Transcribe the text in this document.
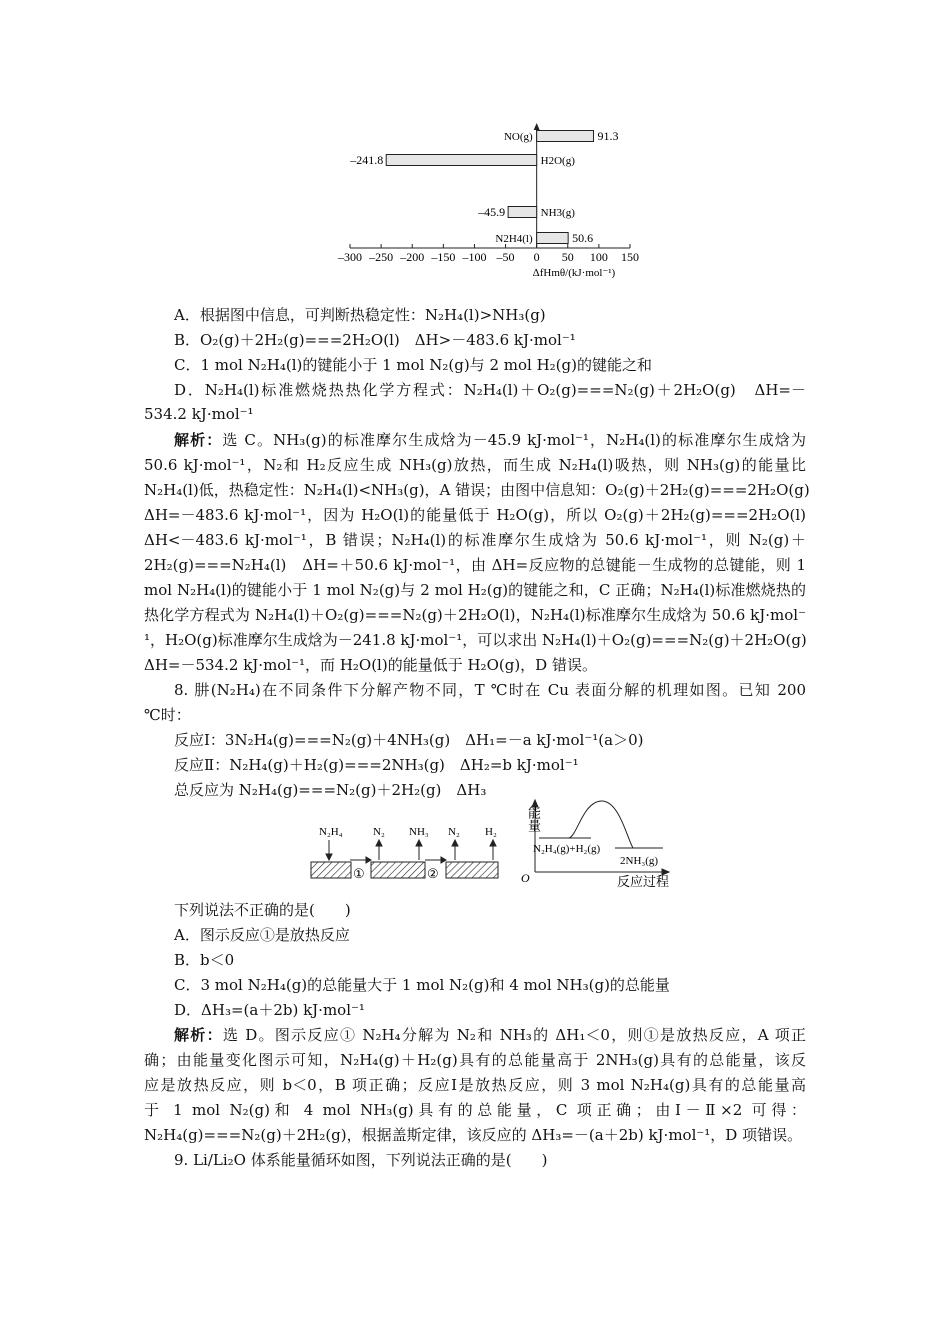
–300 –250 –200 –150 –100 –50 0 50 100 150
ΔfHmθ/(kJ·mol⁻¹)
NO(g)	91.3
H2O(g)
–241.8
NH3(g)
–45.9
N2H4(l)	50.6
A．根据图中信息，可判断热稳定性：N₂H₄(l)>NH₃(g)
B．O₂(g)＋2H₂(g)===2H₂O(l)　ΔH>－483.6 kJ·mol⁻¹
C．1 mol N₂H₄(l)的键能小于 1 mol N₂(g)与 2 mol H₂(g)的键能之和
D．N₂H₄(l)标准燃烧热热化学方程式：N₂H₄(l)＋O₂(g)===N₂(g)＋2H₂O(g)　ΔH=－
534.2 kJ·mol⁻¹
解析：选 C。NH₃(g)的标准摩尔生成焓为－45.9 kJ·mol⁻¹，N₂H₄(l)的标准摩尔生成焓为
50.6 kJ·mol⁻¹，N₂和 H₂反应生成 NH₃(g)放热，而生成 N₂H₄(l)吸热，则 NH₃(g)的能量比
N₂H₄(l)低，热稳定性：N₂H₄(l)<NH₃(g)，A 错误；由图中信息知：O₂(g)＋2H₂(g)===2H₂O(g)
ΔH=－483.6 kJ·mol⁻¹，因为 H₂O(l)的能量低于 H₂O(g)，所以 O₂(g)＋2H₂(g)===2H₂O(l)
ΔH<－483.6 kJ·mol⁻¹，B 错误；N₂H₄(l)的标准摩尔生成焓为 50.6 kJ·mol⁻¹，则 N₂(g)＋
2H₂(g)===N₂H₄(l)　ΔH=＋50.6 kJ·mol⁻¹，由 ΔH=反应物的总键能－生成物的总键能，则 1
mol N₂H₄(l)的键能小于 1 mol N₂(g)与 2 mol H₂(g)的键能之和，C 正确；N₂H₄(l)标准燃烧热的
热化学方程式为 N₂H₄(l)＋O₂(g)===N₂(g)＋2H₂O(l)，N₂H₄(l)标准摩尔生成焓为 50.6 kJ·mol⁻
¹，H₂O(g)标准摩尔生成焓为－241.8 kJ·mol⁻¹，可以求出 N₂H₄(l)＋O₂(g)===N₂(g)＋2H₂O(g)
ΔH=－534.2 kJ·mol⁻¹，而 H₂O(l)的能量低于 H₂O(g)，D 错误。
8. 肼(N₂H₄)在不同条件下分解产物不同，T ℃时在 Cu 表面分解的机理如图。已知 200
℃时：
反应Ⅰ：3N₂H₄(g)===N₂(g)＋4NH₃(g)　ΔH₁=－a kJ·mol⁻¹(a＞0)
反应Ⅱ：N₂H₄(g)＋H₂(g)===2NH₃(g)　ΔH₂=b kJ·mol⁻¹
总反应为 N₂H₄(g)===N₂(g)＋2H₂(g)　ΔH₃
N₂H₄	N₂ NH₃ N₂ H₂
①	②
能量
O	反应过程
N₂H₄(g)+H₂(g)
2NH₃(g)
下列说法不正确的是(　　)
A．图示反应①是放热反应
B．b＜0
C．3 mol N₂H₄(g)的总能量大于 1 mol N₂(g)和 4 mol NH₃(g)的总能量
D．ΔH₃=(a＋2b) kJ·mol⁻¹
解析：选 D。图示反应① N₂H₄分解为 N₂和 NH₃的 ΔH₁＜0，则①是放热反应，A 项正
确；由能量变化图示可知，N₂H₄(g)＋H₂(g)具有的总能量高于 2NH₃(g)具有的总能量，该反
应是放热反应，则 b＜0，B 项正确；反应Ⅰ是放热反应，则 3 mol N₂H₄(g)具有的总能量高
于 1 mol N₂(g)和 4 mol NH₃(g)具有的总能量，C 项正确；由Ⅰ－Ⅱ×2 可得：
N₂H₄(g)===N₂(g)＋2H₂(g)，根据盖斯定律，该反应的 ΔH₃=－(a＋2b) kJ·mol⁻¹，D 项错误。
9. Li/Li₂O 体系能量循环如图，下列说法正确的是(　　)
